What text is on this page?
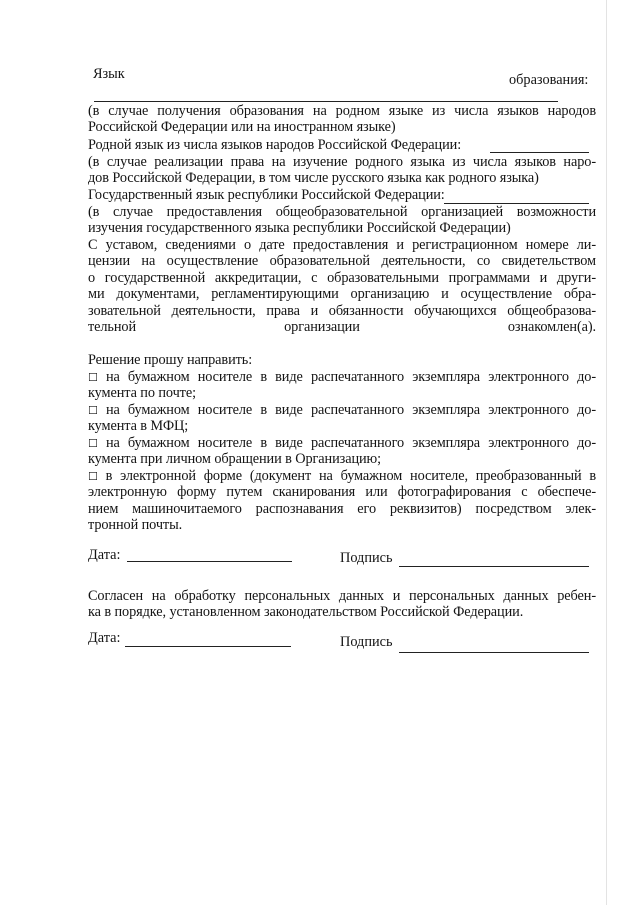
Язык	образования:
(в случае получения образования на родном языке из числа языков народов
Российской Федерации или на иностранном языке)
Родной язык из числа языков народов Российской Федерации:
(в случае реализации права на изучение родного языка из числа языков наро-
дов Российской Федерации, в том числе русского языка как родного языка)
Государственный язык республики Российской Федерации:
(в случае предоставления общеобразовательной организацией возможности
изучения государственного языка республики Российской Федерации)
С уставом, сведениями о дате предоставления и регистрационном номере ли-
цензии на осуществление образовательной деятельности, со свидетельством
о государственной аккредитации, с образовательными программами и други-
ми документами, регламентирующими организацию и осуществление обра-
зовательной деятельности, права и обязанности обучающихся общеобразова-
тельной организации ознакомлен(а).
Решение прошу направить:
☐ на бумажном носителе в виде распечатанного экземпляра электронного до-
кумента по почте;
☐ на бумажном носителе в виде распечатанного экземпляра электронного до-
кумента в МФЦ;
☐ на бумажном носителе в виде распечатанного экземпляра электронного до-
кумента при личном обращении в Организацию;
☐ в электронной форме (документ на бумажном носителе, преобразованный в
электронную форму путем сканирования или фотографирования с обеспече-
нием машиночитаемого распознавания его реквизитов) посредством элек-
тронной почты.
Дата:	Подпись
Согласен на обработку персональных данных и персональных данных ребен-
ка в порядке, установленном законодательством Российской Федерации.
Дата:	Подпись
